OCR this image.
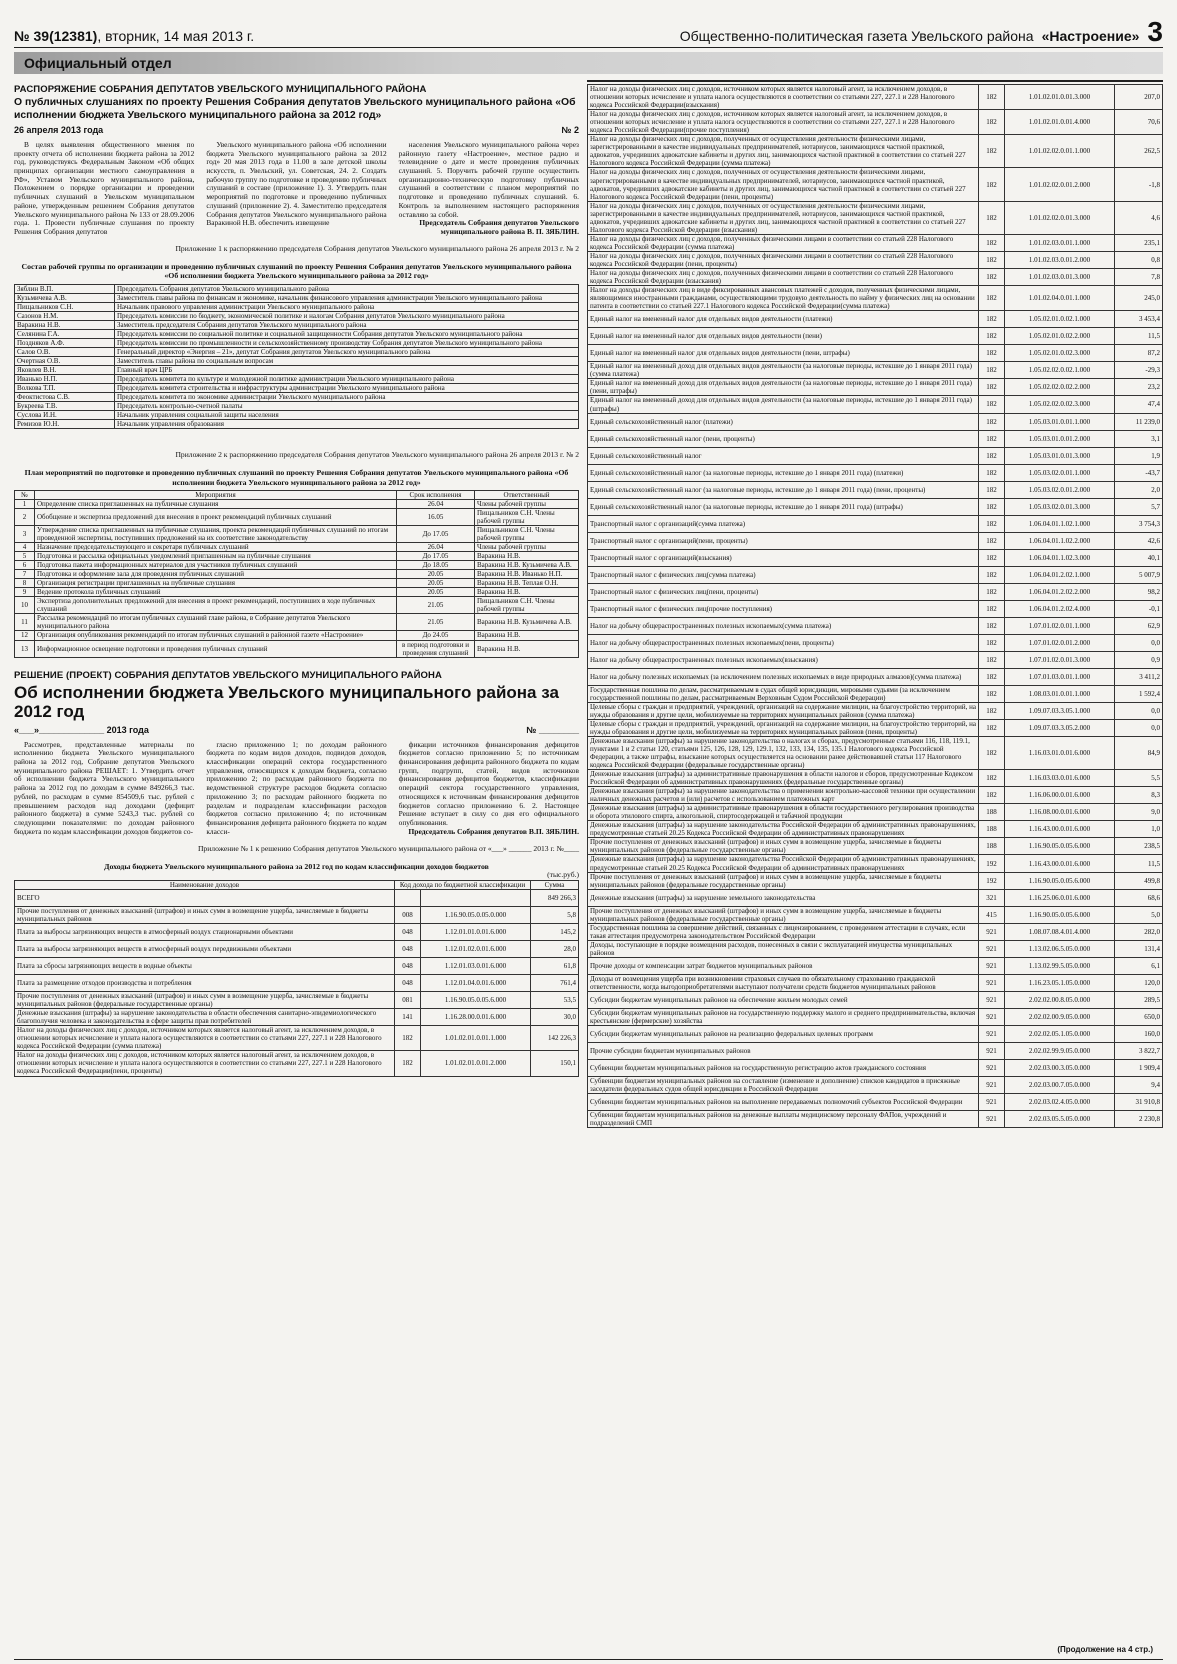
№ 39(12381), вторник, 14 мая 2013 г.	Общественно-политическая газета Увельского района «Настроение» 3
Официальный отдел
РАСПОРЯЖЕНИЕ СОБРАНИЯ ДЕПУТАТОВ УВЕЛЬСКОГО МУНИЦИПАЛЬНОГО РАЙОНА
О публичных слушаниях по проекту Решения Собрания депутатов Увельского муниципального района «Об исполнении бюджета Увельского муниципального района за 2012 год»
26 апреля 2013 года	№ 2

В целях выявления общественного мнения по проекту отчета об исполнении бюджета района за 2012 год, руководствуясь Федеральным Законом «Об общих принципах организации местного самоуправления в РФ», Уставом Увельского муниципального района, Положением о порядке организации и проведении публичных слушаний в Увельском муниципальном районе, утвержденным решением Собрания депутатов Увельского муниципального района № 133 от 28.09.2006 года. 1. Провести публичные слушания по проекту Решения Собрания депутатов

Увельского муниципального района «Об исполнении бюджета Увельского муниципального района за 2012 год» 20 мая 2013 года в 11.00 в зале детской школы искусств, п. Увельский, ул. Советская, 24. 2. Создать рабочую группу по подготовке и проведению публичных слушаний в составе (приложение 1). 3. Утвердить план мероприятий по подготовке и проведению публичных слушаний (приложение 2). 4. Заместителю председателя Собрания депутатов Увельского муниципального района Варакиной Н.В. обеспечить извещение

населения Увельского муниципального района через районную газету «Настроение», местное радио и телевидение о дате и месте проведения публичных слушаний. 5. Поручить рабочей группе осуществить организационно-техническую подготовку публичных слушаний в соответствии с планом мероприятий по подготовке и проведению публичных слушаний. 6. Контроль за выполнением настоящего распоряжения оставляю за собой.

Председатель Собрания депутатов Увельского муниципального района В. П. ЗЯБЛИН.
Приложение 1 к распоряжению председателя Собрания депутатов Увельского муниципального района 26 апреля 2013 г. № 2
Состав рабочей группы по организации и проведению публичных слушаний по проекту Решения Собрания депутатов Увельского муниципального района «Об исполнении бюджета Увельского муниципального района за 2012 год»
Зяблин В.П.	Председатель Собрания депутатов Увельского муниципального района
Кузьмичева А.В.	Заместитель главы района по финансам и экономике, начальник финансового управления администрации Увельского муниципального района
Пищальников С.Н.	Начальник правового управления администрации Увельского муниципального района
Сазонов Н.М.	Председатель комиссии по бюджету, экономической политике и налогам Собрания депутатов Увельского муниципального района
Варакина Н.В.	Заместитель председателя Собрания депутатов Увельского муниципального района
Селянина Г.А.	Председатель комиссии по социальной политике и социальной защищенности Собрания депутатов Увельского муниципального района
Поздняков А.Ф.	Председатель комиссии по промышленности и сельскохозяйственному производству Собрания депутатов Увельского муниципального района
Салов О.В.	Генеральный директор «Энергия – 21», депутат Собрания депутатов Увельского муниципального района
Очертная О.В.	Заместитель главы района по социальным вопросам
Яковлев В.Н.	Главный врач ЦРБ
Иванько Н.П.	Председатель комитета по культуре и молодежной политике администрации Увельского муниципального района
Волкова Т.П.	Председатель комитета строительства и инфраструктуры администрации Увельского муниципального района
Феоктистова С.В.	Председатель комитета по экономике администрации Увельского муниципального района
Букреева Т.В.	Председатель контрольно-счетной палаты
Суслова И.Н.	Начальник управления социальной защиты населения
Ремизов Ю.Н.	Начальник управления образования
Приложение 2 к распоряжению председателя Собрания депутатов Увельского муниципального района 26 апреля 2013 г. № 2
План мероприятий по подготовке и проведению публичных слушаний по проекту Решения Собрания депутатов Увельского муниципального района «Об исполнении бюджета Увельского муниципального района за 2012 год»
№	Мероприятия	Срок исполнения	Ответственный
1	Определение списка приглашенных на публичные слушания	26.04	Члены рабочей группы
2	Обобщение и экспертиза предложений для внесения в проект рекомендаций публичных слушаний	16.05	Пищальников С.Н. Члены рабочей группы
3	Утверждение списка приглашенных на публичные слушания, проекта рекомендаций публичных слушаний по итогам проведенной экспертизы, поступивших предложений на их соответствие законодательству	До 17.05	Пищальников С.Н. Члены рабочей группы
4	Назначение председательствующего и секретаря публичных слушаний	26.04	Члены рабочей группы
5	Подготовка и рассылка официальных уведомлений приглашенным на публичные слушания	До 17.05	Варакина Н.В.
6	Подготовка пакета информационных материалов для участников публичных слушаний	До 18.05	Варакина Н.В. Кузьмичева А.В.
7	Подготовка и оформление зала для проведения публичных слушаний	20.05	Варакина Н.В. Иванько Н.П.
8	Организация регистрации приглашенных на публичные слушания	20.05	Варакина Н.В. Теплая О.Н.
9	Ведение протокола публичных слушаний	20.05	Варакина Н.В.
10	Экспертиза дополнительных предложений для внесения в проект рекомендаций, поступивших в ходе публичных слушаний	21.05	Пищальников С.Н. Члены рабочей группы
11	Рассылка рекомендаций по итогам публичных слушаний главе района, в Собрание депутатов Увельского муниципального района	21.05	Варакина Н.В. Кузьмичева А.В.
12	Организация опубликования рекомендаций по итогам публичных слушаний в районной газете «Настроение»	До 24.05	Варакина Н.В.
13	Информационное освещение подготовки и проведения публичных слушаний	в период подготовки и проведения слушаний	Варакина Н.В.
РЕШЕНИЕ (ПРОЕКТ) СОБРАНИЯ ДЕПУТАТОВ УВЕЛЬСКОГО МУНИЦИПАЛЬНОГО РАЙОНА
Об исполнении бюджета Увельского муниципального района за 2012 год
«___»_____________ 2013 года	№ ________

Рассмотрев, представленные материалы по исполнению бюджета Увельского муниципального района за 2012 год, Собрание депутатов Увельского муниципального района РЕШАЕТ: 1. Утвердить отчет об исполнении бюджета Увельского муниципального района за 2012 год по доходам в сумме 849266,3 тыс. рублей, по расходам в сумме 854509,6 тыс. рублей с превышением расходов над доходами (дефицит районного бюджета) в сумме 5243,3 тыс. рублей со следующими показателями: по доходам районного бюджета по кодам классификации доходов бюджетов со-

гласно приложению 1; по доходам районного бюджета по кодам видов доходов, подвидов доходов, классификации операций сектора государственного управления, относящихся к доходам бюджета, согласно приложению 2; по расходам районного бюджета по ведомственной структуре расходов бюджета согласно приложению 3; по расходам районного бюджета по разделам и подразделам классификации расходов бюджетов согласно приложению 4; по источникам финансирования дефицита районного бюджета по кодам класси-

фикации источников финансирования дефицитов бюджетов согласно приложению 5; по источникам финансирования дефицита районного бюджета по кодам групп, подгрупп, статей, видов источников финансирования дефицитов бюджетов, классификации операций сектора государственного управления, относящихся к источникам финансирования дефицитов бюджетов согласно приложению 6. 2. Настоящее Решение вступает в силу со дня его официального опубликования.

Председатель Собрания депутатов В.П. ЗЯБЛИН.
Приложение № 1 к решению Собрания депутатов Увельского муниципального района от «___» ______ 2013 г. №____
Доходы бюджета Увельского муниципального района за 2012 год по кодам классификации доходов бюджетов
(тыс.руб.)
Наименование доходов	Код дохода по бюджетной классификации		Сумма
ВСЕГО			849 266,3
Прочие поступления от денежных взысканий (штрафов) и иных сумм в возмещение ущерба, зачисляемые в бюджеты муниципальных районов	008	1.16.90.05.0.05.0.000	5,8
Плата за выбросы загрязняющих веществ в атмосферный воздух стационарными объектами	048	1.12.01.01.0.01.6.000	145,2
Плата за выбросы загрязняющих веществ в атмосферный воздух передвижными объектами	048	1.12.01.02.0.01.6.000	28,0
Плата за сбросы загрязняющих веществ в водные объекты	048	1.12.01.03.0.01.6.000	61,8
Плата за размещение отходов производства и потребления	048	1.12.01.04.0.01.6.000	761,4
Прочие поступления от денежных взысканий (штрафов) и иных сумм в возмещение ущерба, зачисляемые в бюджеты муниципальных районов (федеральные государственные органы)	081	1.16.90.05.0.05.6.000	53,5
Денежные взыскания (штрафы) за нарушение законодательства в области обеспечения санитарно-эпидемиологического благополучия человека и законодательства в сфере защиты прав потребителей	141	1.16.28.00.0.01.6.000	30,0
Налог на доходы физических лиц с доходов, источником которых является налоговый агент, за исключением доходов, в отношении которых исчисление и уплата налога осуществляются в соответствии со статьями 227, 227.1 и 228 Налогового кодекса Российской Федерации (сумма платежа)	182	1.01.02.01.0.01.1.000	142 226,3
Налог на доходы физических лиц с доходов, источником которых является налоговый агент, за исключением доходов, в отношении которых исчисление и уплата налога осуществляются в соответствии со статьями 227, 227.1 и 228 Налогового кодекса Российской Федерации(пени, проценты)	182	1.01.02.01.0.01.2.000	150,1
Налог на доходы физических лиц с доходов, источником которых является налоговый агент, за исключением доходов, в отношении которых исчисление и уплата налога осуществляются в соответствии со статьями 227, 227.1 и 228 Налогового кодекса Российской Федерации(взыскания)	182	1.01.02.01.0.01.3.000	207,0
Налог на доходы физических лиц с доходов, источником которых является налоговый агент, за исключением доходов, в отношении которых исчисление и уплата налога осуществляются в соответствии со статьями 227, 227.1 и 228 Налогового кодекса Российской Федерации(прочие поступления)	182	1.01.02.01.0.01.4.000	70,6
Налог на доходы физических лиц с доходов, полученных от осуществления деятельности физическими лицами, зарегистрированными в качестве индивидуальных предпринимателей, нотариусов, занимающихся частной практикой, адвокатов, учредивших адвокатские кабинеты и других лиц, занимающихся частной практикой в соответствии со статьей 227 Налогового кодекса Российской Федерации (сумма платежа)	182	1.01.02.02.0.01.1.000	262,5
Налог на доходы физических лиц с доходов, полученных от осуществления деятельности физическими лицами, зарегистрированными в качестве индивидуальных предпринимателей, нотариусов, занимающихся частной практикой, адвокатов, учредивших адвокатские кабинеты и других лиц, занимающихся частной практикой в соответствии со статьей 227 Налогового кодекса Российской Федерации (пени, проценты)	182	1.01.02.02.0.01.2.000	-1,8
Налог на доходы физических лиц с доходов, полученных от осуществления деятельности физическими лицами, зарегистрированными в качестве индивидуальных предпринимателей, нотариусов, занимающихся частной практикой, адвокатов, учредивших адвокатские кабинеты и других лиц, занимающихся частной практикой в соответствии со статьей 227 Налогового кодекса Российской Федерации (взыскания)	182	1.01.02.02.0.01.3.000	4,6
Налог на доходы физических лиц с доходов, полученных физическими лицами в соответствии со статьей 228 Налогового кодекса Российской Федерации (сумма платежа)	182	1.01.02.03.0.01.1.000	235,1
Налог на доходы физических лиц с доходов, полученных физическими лицами в соответствии со статьей 228 Налогового кодекса Российской Федерации (пени, проценты)	182	1.01.02.03.0.01.2.000	0,8
Налог на доходы физических лиц с доходов, полученных физическими лицами в соответствии со статьей 228 Налогового кодекса Российской Федерации (взыскания)	182	1.01.02.03.0.01.3.000	7,8
Налог на доходы физических лиц в виде фиксированных авансовых платежей с доходов, полученных физическими лицами, являющимися иностранными гражданами, осуществляющими трудовую деятельность по найму у физических лиц на основании патента в соответствии со статьей 227.1 Налогового кодекса Российской Федерации(сумма платежа)	182	1.01.02.04.0.01.1.000	245,0
Единый налог на вмененный налог для отдельных видов деятельности (платежи)	182	1.05.02.01.0.02.1.000	3 453,4
Единый налог на вмененный налог для отдельных видов деятельности (пени)	182	1.05.02.01.0.02.2.000	11,5
Единый налог на вмененный налог для отдельных видов деятельности (пени, штрафы)	182	1.05.02.01.0.02.3.000	87,2
Единый налог на вмененный доход для отдельных видов деятельности (за налоговые периоды, истекшие до 1 января 2011 года) (сумма платежа)	182	1.05.02.02.0.02.1.000	-29,3
Единый налог на вмененный доход для отдельных видов деятельности (за налоговые периоды, истекшие до 1 января 2011 года) (пени, штрафы)	182	1.05.02.02.0.02.2.000	23,2
Единый налог на вмененный доход для отдельных видов деятельности (за налоговые периоды, истекшие до 1 января 2011 года) (штрафы)	182	1.05.02.02.0.02.3.000	47,4
Единый сельскохозяйственный налог (платежи)	182	1.05.03.01.0.01.1.000	11 239,0
Единый сельскохозяйственный налог (пени, проценты)	182	1.05.03.01.0.01.2.000	3,1
Единый сельскохозяйственный налог	182	1.05.03.01.0.01.3.000	1,9
Единый сельскохозяйственный налог (за налоговые периоды, истекшие до 1 января 2011 года) (платежи)	182	1.05.03.02.0.01.1.000	-43,7
Единый сельскохозяйственный налог (за налоговые периоды, истекшие до 1 января 2011 года) (пени, проценты)	182	1.05.03.02.0.01.2.000	2,0
Единый сельскохозяйственный налог (за налоговые периоды, истекшие до 1 января 2011 года) (штрафы)	182	1.05.03.02.0.01.3.000	5,7
Транспортный налог с организаций(сумма платежа)	182	1.06.04.01.1.02.1.000	3 754,3
Транспортный налог с организаций(пени, проценты)	182	1.06.04.01.1.02.2.000	42,6
Транспортный налог с организаций(взыскания)	182	1.06.04.01.1.02.3.000	40,1
Транспортный налог с физических лиц(сумма платежа)	182	1.06.04.01.2.02.1.000	5 007,9
Транспортный налог с физических лиц(пени, проценты)	182	1.06.04.01.2.02.2.000	98,2
Транспортный налог с физических лиц(прочие поступления)	182	1.06.04.01.2.02.4.000	-0,1
Налог на добычу общераспространенных полезных ископаемых(сумма платежа)	182	1.07.01.02.0.01.1.000	62,9
Налог на добычу общераспространенных полезных ископаемых(пени, проценты)	182	1.07.01.02.0.01.2.000	0,0
Налог на добычу общераспространенных полезных ископаемых(взыскания)	182	1.07.01.02.0.01.3.000	0,9
Налог на добычу полезных ископаемых (за исключением полезных ископаемых в виде природных алмазов)(сумма платежа)	182	1.07.01.03.0.01.1.000	3 411,2
Государственная пошлина по делам, рассматриваемым в судах общей юрисдикции, мировыми судьями (за исключением государственной пошлины по делам, рассматриваемым Верховным Судом Российской Федерации)	182	1.08.03.01.0.01.1.000	1 592,4
Целевые сборы с граждан и предприятий, учреждений, организаций на содержание милиции, на благоустройство территорий, на нужды образования и другие цели, мобилизуемые на территориях муниципальных районов (сумма платежа)	182	1.09.07.03.3.05.1.000	0,0
Целевые сборы с граждан и предприятий, учреждений, организаций на содержание милиции, на благоустройство территорий, на нужды образования и другие цели, мобилизуемые на территориях муниципальных районов (пени, проценты)	182	1.09.07.03.3.05.2.000	0,0
Денежные взыскания (штрафы) за нарушение законодательства о налогах и сборах, предусмотренные статьями 116, 118, 119.1, пунктами 1 и 2 статьи 120, статьями 125, 126, 128, 129, 129.1, 132, 133, 134, 135, 135.1 Налогового кодекса Российской Федерации, а также штрафы, взыскание которых осуществляется на основании ранее действовавшей статьи 117 Налогового кодекса Российской Федерации (федеральные государственные органы)	182	1.16.03.01.0.01.6.000	84,9
Денежные взыскания (штрафы) за административные правонарушения в области налогов и сборов, предусмотренные Кодексом Российской Федерации об административных правонарушениях (федеральные государственные органы)	182	1.16.03.03.0.01.6.000	5,5
Денежные взыскания (штрафы) за нарушение законодательства о применении контрольно-кассовой техники при осуществлении наличных денежных расчетов и (или) расчетов с использованием платежных карт	182	1.16.06.00.0.01.6.000	8,3
Денежные взыскания (штрафы) за административные правонарушения в области государственного регулирования производства и оборота этилового спирта, алкогольной, спиртосодержащей и табачной продукции	188	1.16.08.00.0.01.6.000	9,0
Денежные взыскания (штрафы) за нарушение законодательства Российской Федерации об административных правонарушениях, предусмотренные статьей 20.25 Кодекса Российской Федерации об административных правонарушениях	188	1.16.43.00.0.01.6.000	1,0
Прочие поступления от денежных взысканий (штрафов) и иных сумм в возмещение ущерба, зачисляемые в бюджеты муниципальных районов (федеральные государственные органы)	188	1.16.90.05.0.05.6.000	238,5
Денежные взыскания (штрафы) за нарушение законодательства Российской Федерации об административных правонарушениях, предусмотренные статьей 20.25 Кодекса Российской Федерации об административных правонарушениях	192	1.16.43.00.0.01.6.000	11,5
Прочие поступления от денежных взысканий (штрафов) и иных сумм в возмещение ущерба, зачисляемые в бюджеты муниципальных районов (федеральные государственные органы)	192	1.16.90.05.0.05.6.000	499,8
Денежные взыскания (штрафы) за нарушение земельного законодательства	321	1.16.25.06.0.01.6.000	68,6
Прочие поступления от денежных взысканий (штрафов) и иных сумм в возмещение ущерба, зачисляемые в бюджеты муниципальных районов (федеральные государственные органы)	415	1.16.90.05.0.05.6.000	5,0
Государственная пошлина за совершение действий, связанных с лицензированием, с проведением аттестации в случаях, если такая аттестация предусмотрена законодательством Российской Федерации	921	1.08.07.08.4.01.4.000	282,0
Доходы, поступающие в порядке возмещения расходов, понесенных в связи с эксплуатацией имущества муниципальных районов	921	1.13.02.06.5.05.0.000	131,4
Прочие доходы от компенсации затрат бюджетов муниципальных районов	921	1.13.02.99.5.05.0.000	6,1
Доходы от возмещения ущерба при возникновении страховых случаев по обязательному страхованию гражданской ответственности, когда выгодоприобретателями выступают получатели средств бюджетов муниципальных районов	921	1.16.23.05.1.05.0.000	120,0
Субсидии бюджетам муниципальных районов на обеспечение жильем молодых семей	921	2.02.02.00.8.05.0.000	289,5
Субсидии бюджетам муниципальных районов на государственную поддержку малого и среднего предпринимательства, включая крестьянские (фермерские) хозяйства	921	2.02.02.00.9.05.0.000	650,0
Субсидии бюджетам муниципальных районов на реализацию федеральных целевых программ	921	2.02.02.05.1.05.0.000	160,0
Прочие субсидии бюджетам муниципальных районов	921	2.02.02.99.9.05.0.000	3 822,7
Субвенции бюджетам муниципальных районов на государственную регистрацию актов гражданского состояния	921	2.02.03.00.3.05.0.000	1 909,4
Субвенции бюджетам муниципальных районов на составление (изменение и дополнение) списков кандидатов в присяжные заседатели федеральных судов общей юрисдикции в Российской Федерации	921	2.02.03.00.7.05.0.000	9,4
Субвенции бюджетам муниципальных районов на выполнение передаваемых полномочий субъектов Российской Федерации	921	2.02.03.02.4.05.0.000	31 910,8
Субвенции бюджетам муниципальных районов на денежные выплаты медицинскому персоналу ФАПов, учреждений и подразделений СМП	921	2.02.03.05.5.05.0.000	2 230,8
(Продолжение на 4 стр.)
